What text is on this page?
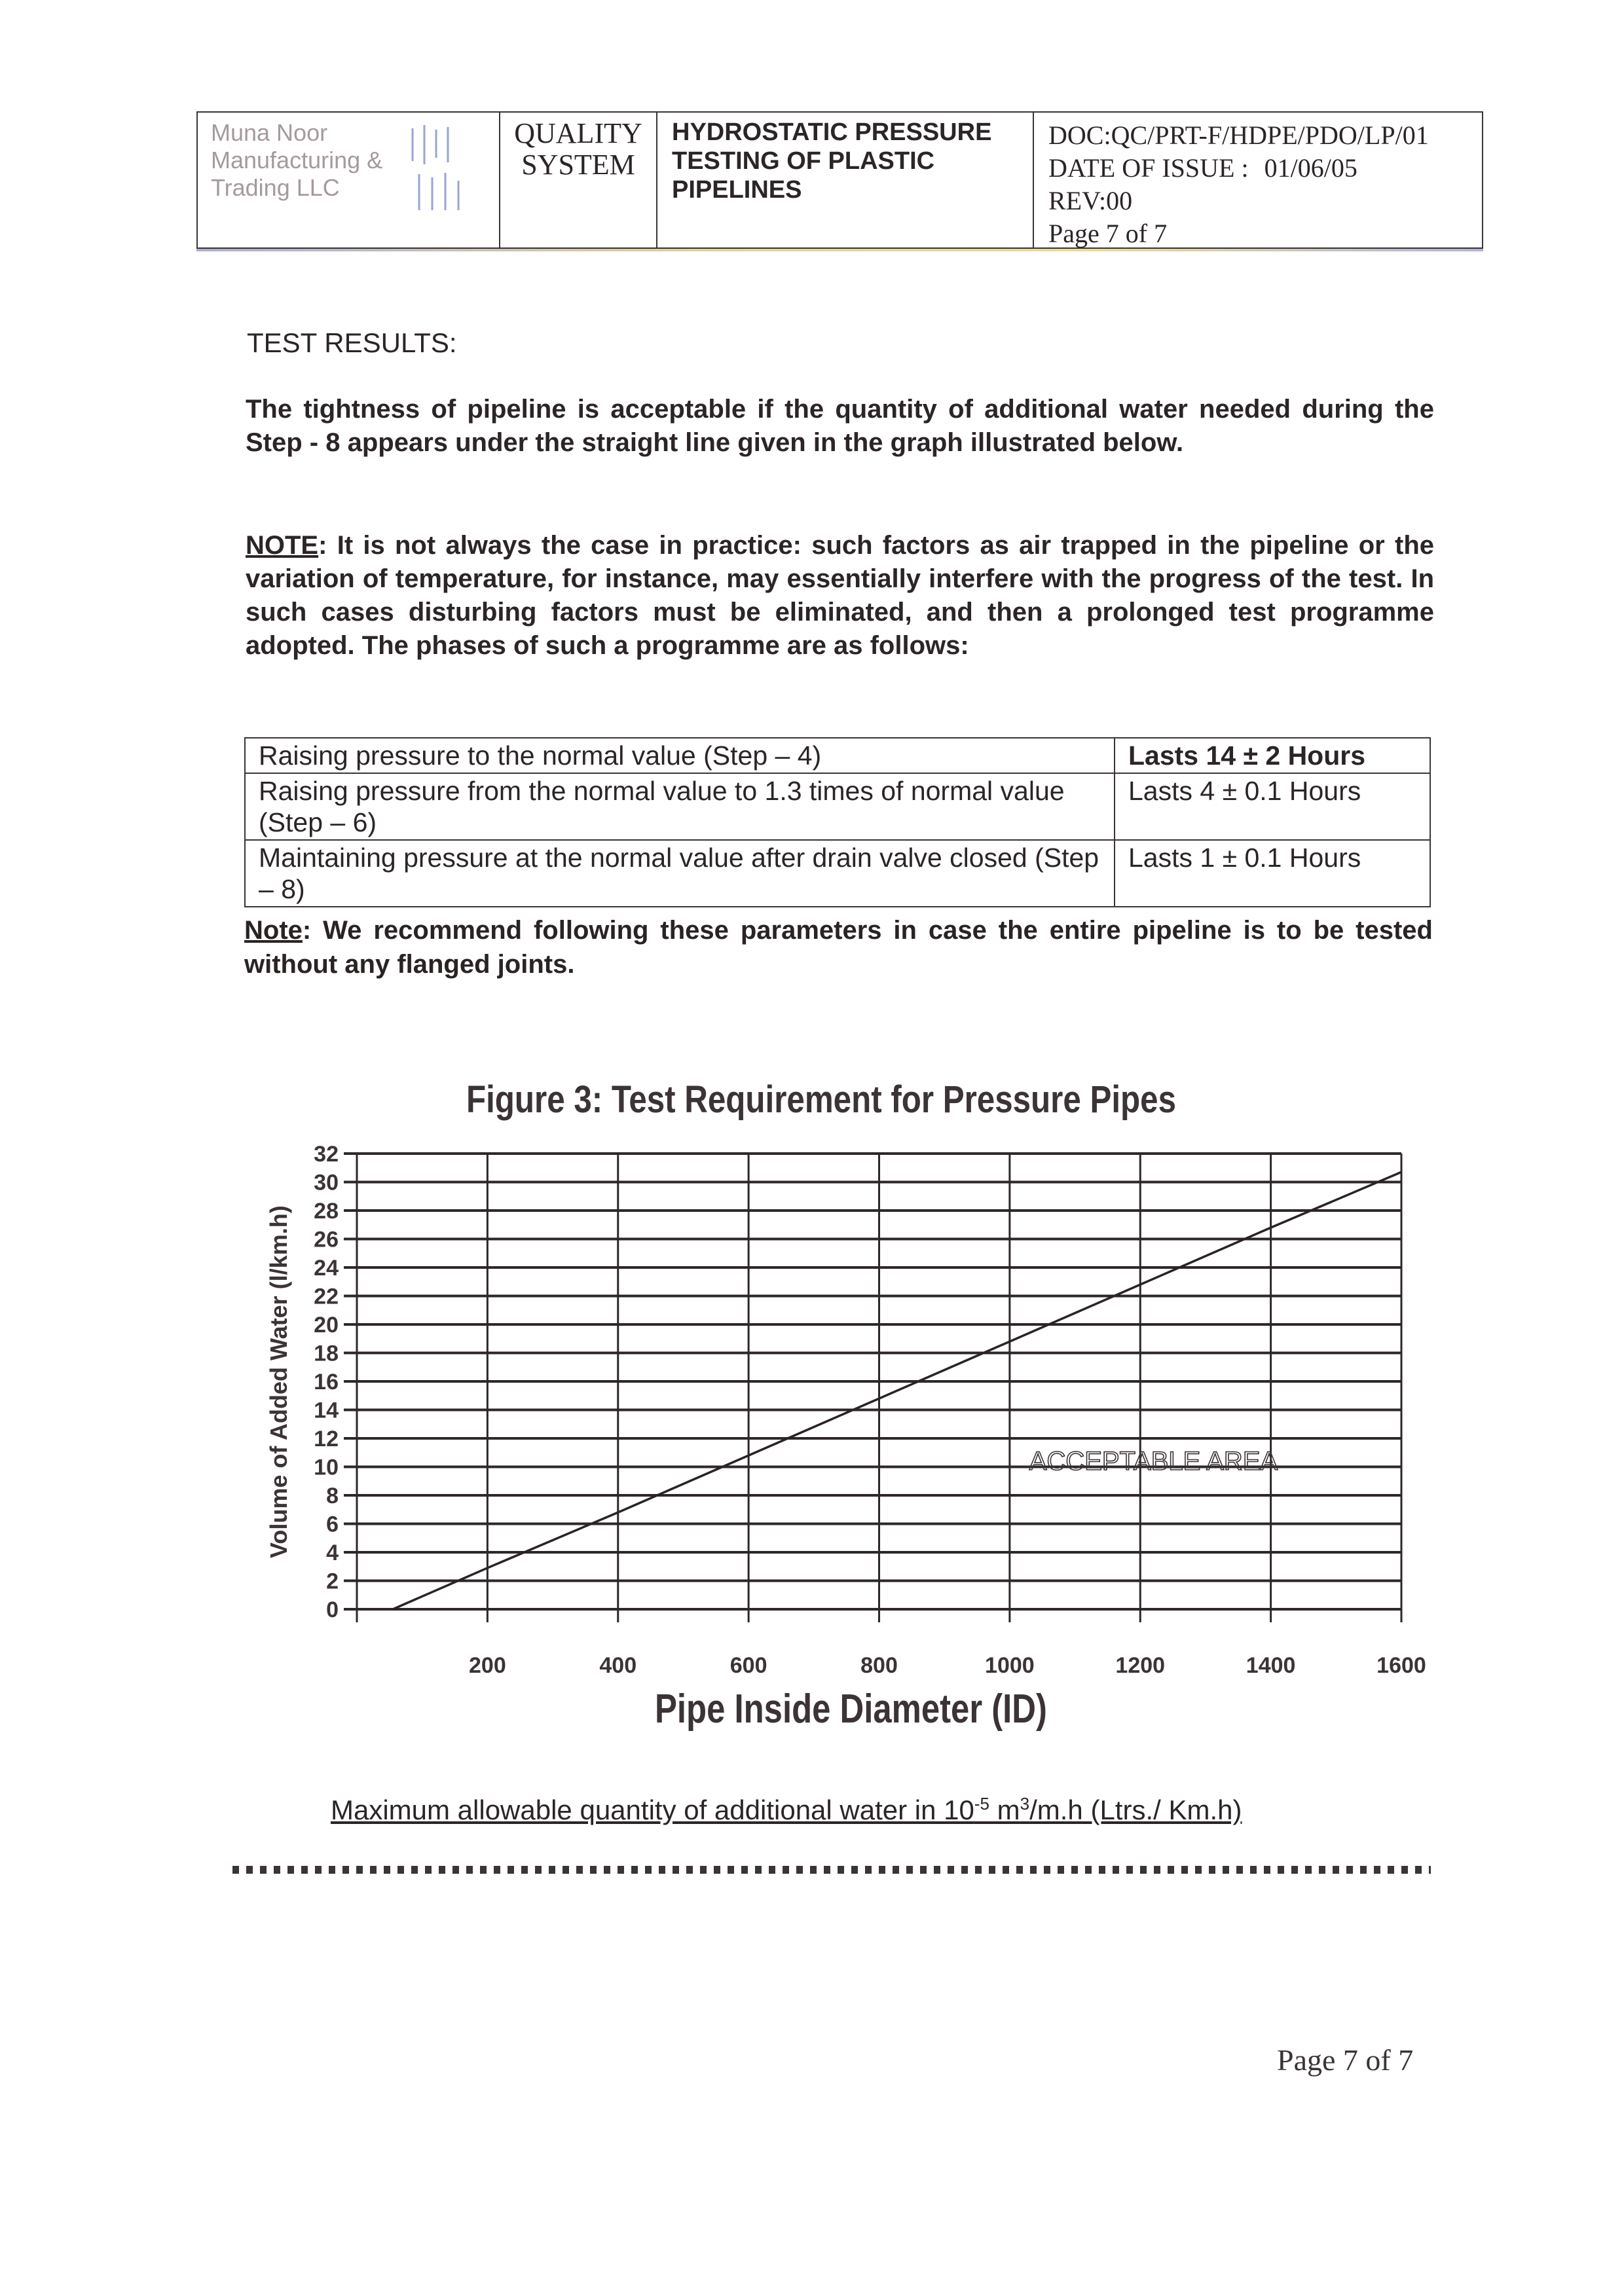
Muna Noor
Manufacturing &
Trading LLC
QUALITY
SYSTEM
HYDROSTATIC PRESSURE
TESTING OF PLASTIC
PIPELINES
DOC:QC/PRT-F/HDPE/PDO/LP/01
DATE OF ISSUE : 01/06/05
REV:00
Page 7 of 7
TEST RESULTS:
The tightness of pipeline is acceptable if the quantity of additional water needed during the Step - 8 appears under the straight line given in the graph illustrated below.
NOTE: It is not always the case in practice: such factors as air trapped in the pipeline or the variation of temperature, for instance, may essentially interfere with the progress of the test. In such cases disturbing factors must be eliminated, and then a prolonged test programme adopted. The phases of such a programme are as follows:
Raising pressure to the normal value (Step – 4)	Lasts 14 ± 2 Hours
Raising pressure from the normal value to 1.3 times of normal value (Step – 6)	Lasts 4 ± 0.1 Hours
Maintaining pressure at the normal value after drain valve closed (Step – 8)	Lasts 1 ± 0.1 Hours
Note: We recommend following these parameters in case the entire pipeline is to be tested without any flanged joints.
Figure 3: Test Requirement for Pressure Pipes
0
2
4
6
8
10
12
14
16
18
20
22
24
26
28
30
32
200	400	600	800	1000	1200	1400	1600
ACCEPTABLE AREA
Volume of Added Water (l/km.h)
Pipe Inside Diameter (ID)
Maximum allowable quantity of additional water in $10^{-5}$ $m^3/m.h$ (Ltrs./ Km.h)
Page 7 of 7
